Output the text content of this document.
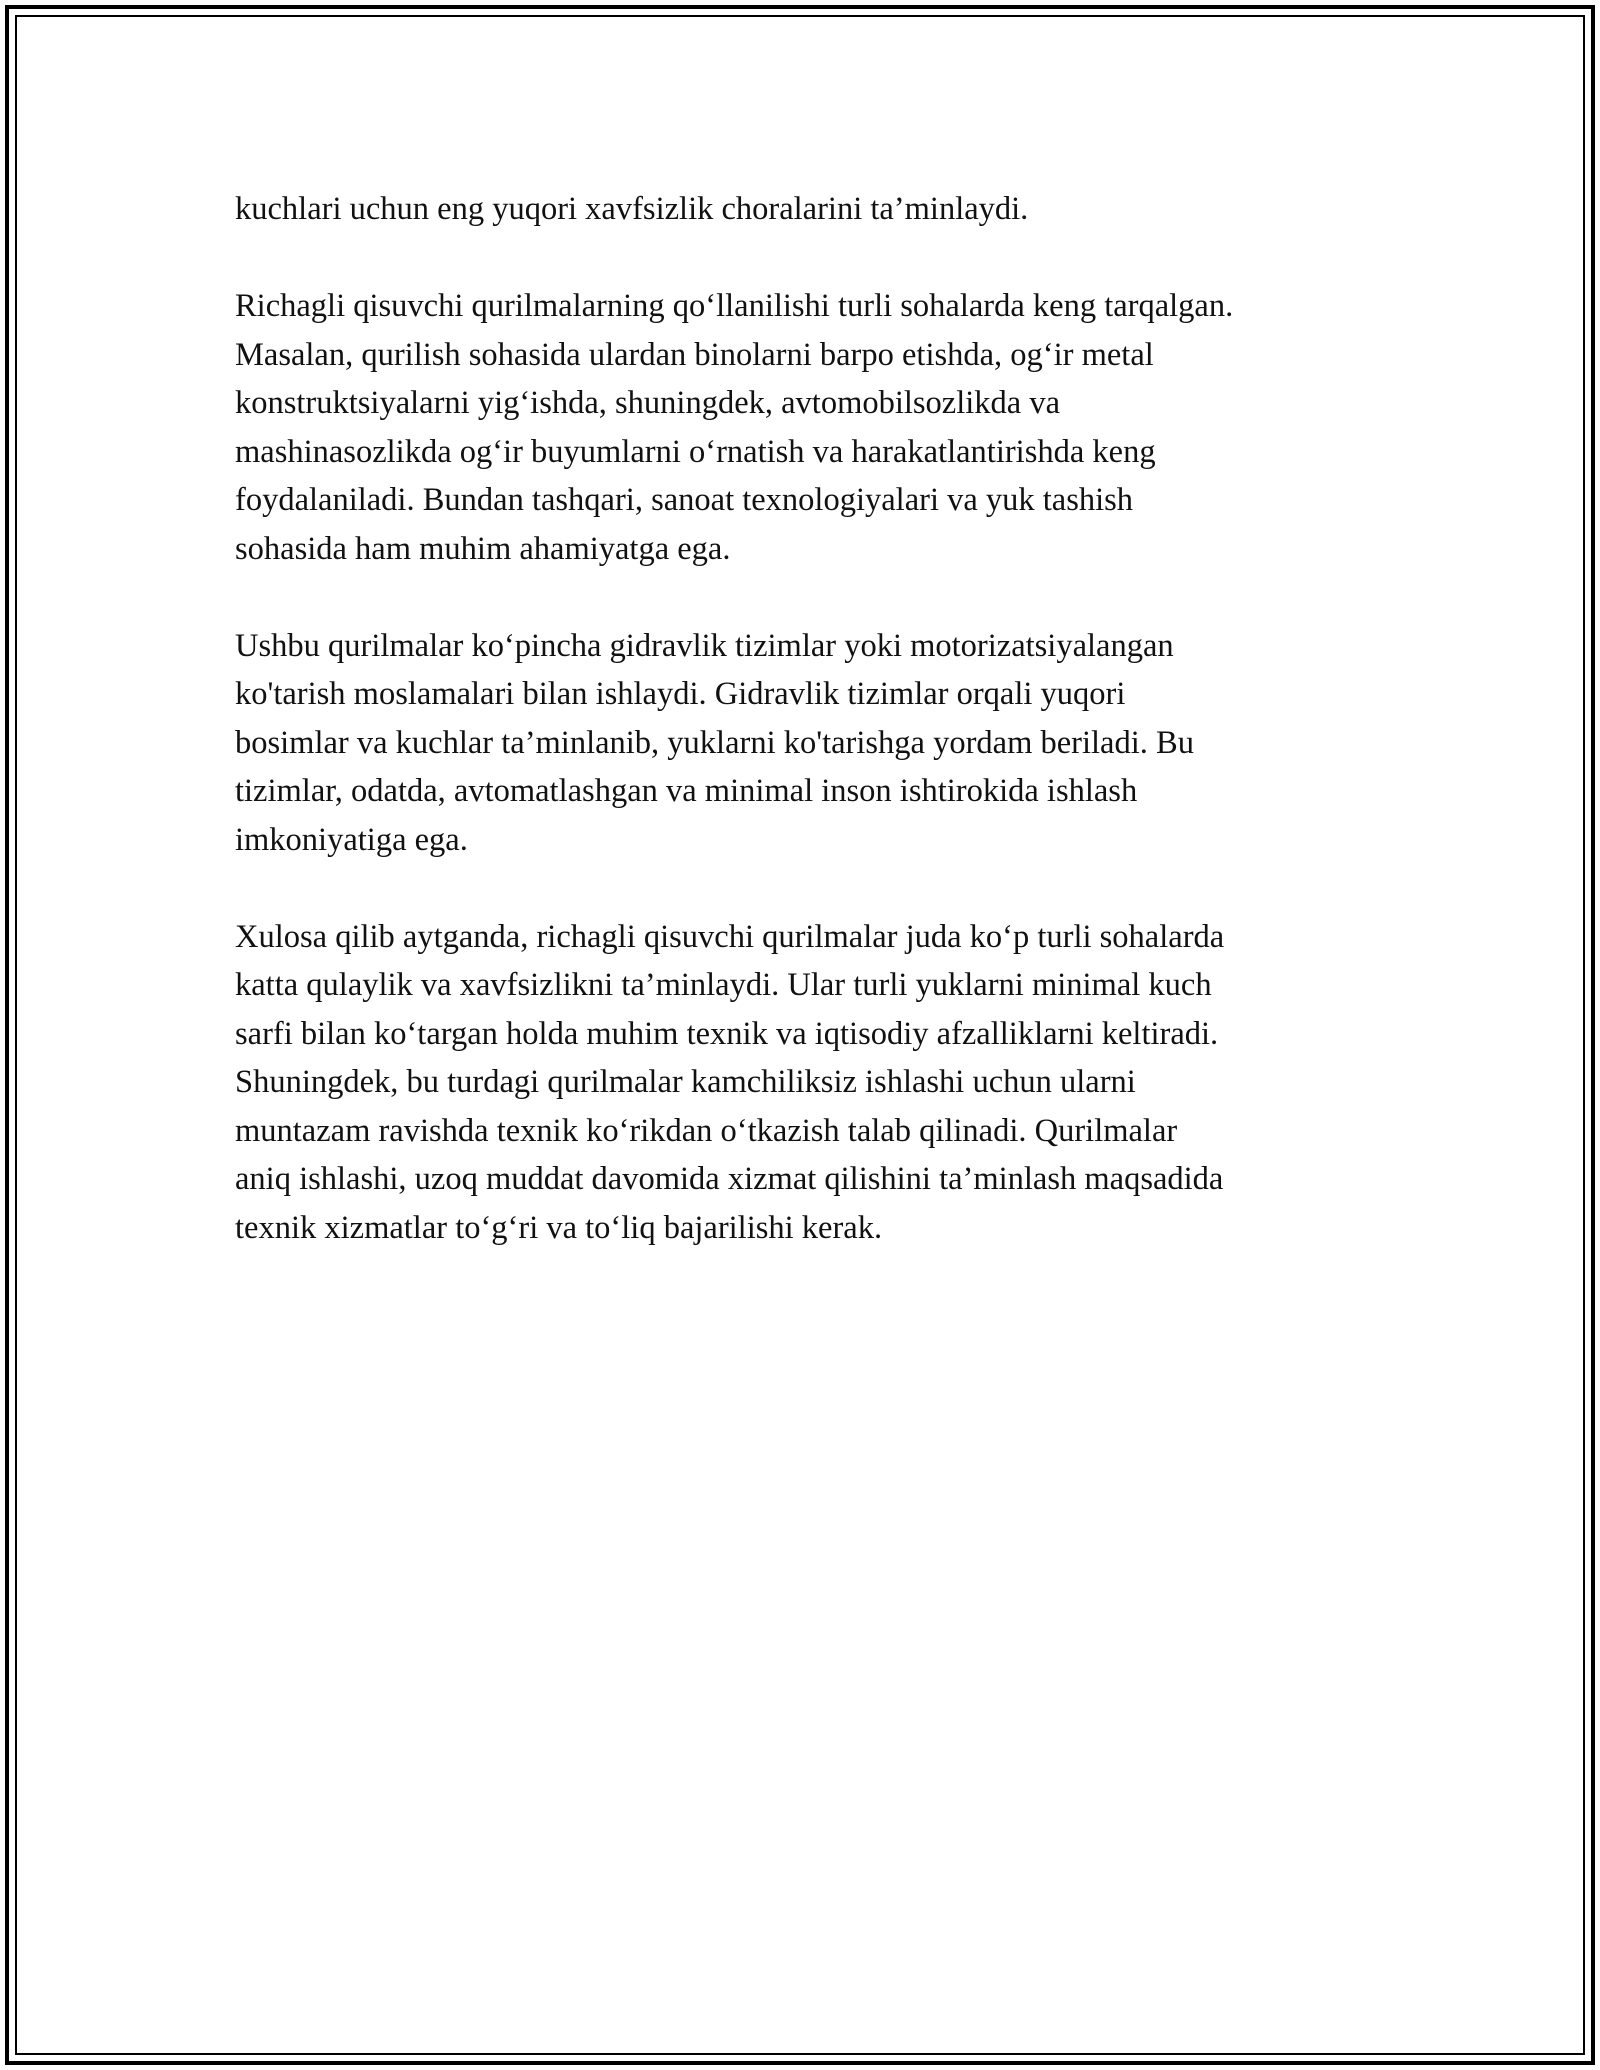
kuchlari uchun eng yuqori xavfsizlik choralarini ta’minlaydi.

Richagli qisuvchi qurilmalarning qo‘llanilishi turli sohalarda keng tarqalgan.
Masalan, qurilish sohasida ulardan binolarni barpo etishda, og‘ir metal
konstruktsiyalarni yig‘ishda, shuningdek, avtomobilsozlikda va
mashinasozlikda og‘ir buyumlarni o‘rnatish va harakatlantirishda keng
foydalaniladi. Bundan tashqari, sanoat texnologiyalari va yuk tashish
sohasida ham muhim ahamiyatga ega.

Ushbu qurilmalar ko‘pincha gidravlik tizimlar yoki motorizatsiyalangan
ko'tarish moslamalari bilan ishlaydi. Gidravlik tizimlar orqali yuqori
bosimlar va kuchlar ta’minlanib, yuklarni ko'tarishga yordam beriladi. Bu
tizimlar, odatda, avtomatlashgan va minimal inson ishtirokida ishlash
imkoniyatiga ega.

Xulosa qilib aytganda, richagli qisuvchi qurilmalar juda ko‘p turli sohalarda
katta qulaylik va xavfsizlikni ta’minlaydi. Ular turli yuklarni minimal kuch
sarfi bilan ko‘targan holda muhim texnik va iqtisodiy afzalliklarni keltiradi.
Shuningdek, bu turdagi qurilmalar kamchiliksiz ishlashi uchun ularni
muntazam ravishda texnik ko‘rikdan o‘tkazish talab qilinadi. Qurilmalar
aniq ishlashi, uzoq muddat davomida xizmat qilishini ta’minlash maqsadida
texnik xizmatlar to‘g‘ri va to‘liq bajarilishi kerak.
